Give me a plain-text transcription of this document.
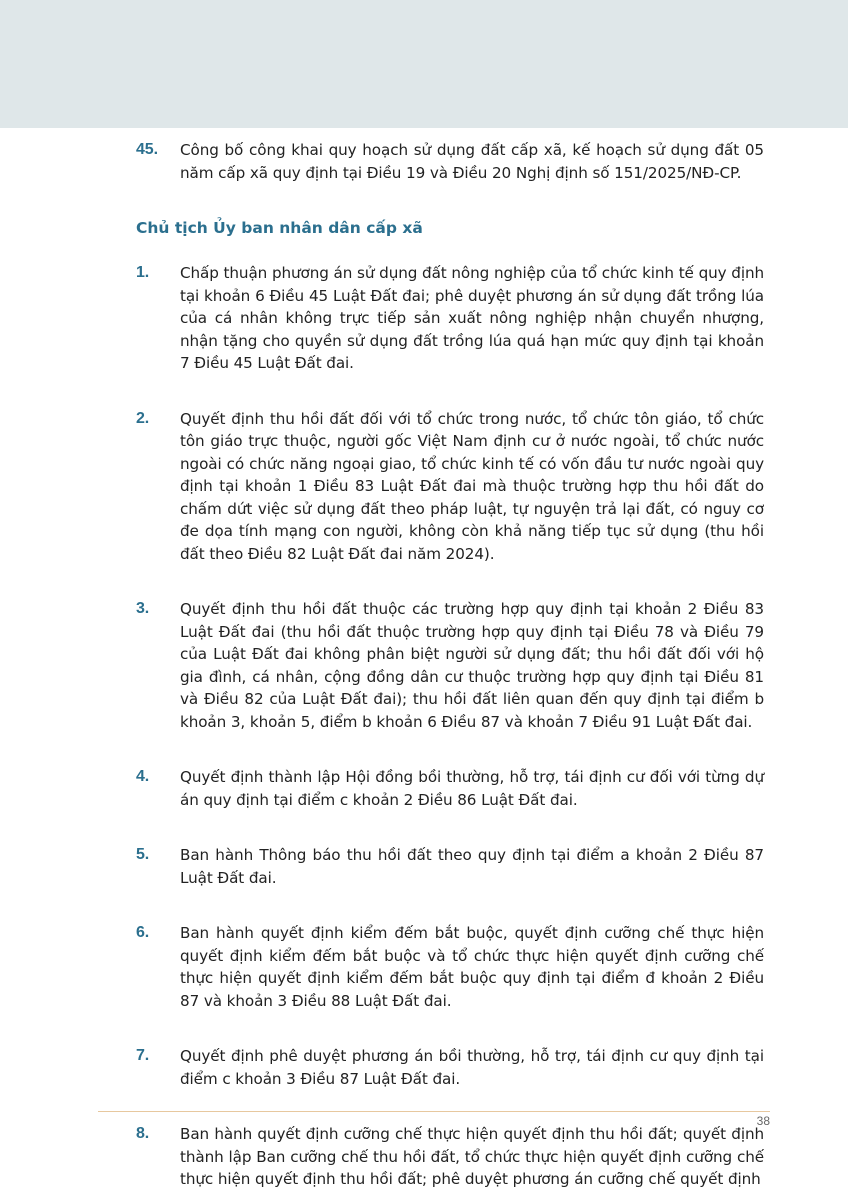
45.	Công bố công khai quy hoạch sử dụng đất cấp xã, kế hoạch sử dụng đất 05 năm cấp xã quy định tại Điều 19 và Điều 20 Nghị định số 151/2025/NĐ-CP.
Chủ tịch Ủy ban nhân dân cấp xã
1.	Chấp thuận phương án sử dụng đất nông nghiệp của tổ chức kinh tế quy định tại khoản 6 Điều 45 Luật Đất đai; phê duyệt phương án sử dụng đất trồng lúa của cá nhân không trực tiếp sản xuất nông nghiệp nhận chuyển nhượng, nhận tặng cho quyền sử dụng đất trồng lúa quá hạn mức quy định tại khoản 7 Điều 45 Luật Đất đai.
2.	Quyết định thu hồi đất đối với tổ chức trong nước, tổ chức tôn giáo, tổ chức tôn giáo trực thuộc, người gốc Việt Nam định cư ở nước ngoài, tổ chức nước ngoài có chức năng ngoại giao, tổ chức kinh tế có vốn đầu tư nước ngoài quy định tại khoản 1 Điều 83 Luật Đất đai mà thuộc trường hợp thu hồi đất do chấm dứt việc sử dụng đất theo pháp luật, tự nguyện trả lại đất, có nguy cơ đe dọa tính mạng con người, không còn khả năng tiếp tục sử dụng (thu hồi đất theo Điều 82 Luật Đất đai năm 2024).
3.	Quyết định thu hồi đất thuộc các trường hợp quy định tại khoản 2 Điều 83 Luật Đất đai (thu hồi đất thuộc trường hợp quy định tại Điều 78 và Điều 79 của Luật Đất đai không phân biệt người sử dụng đất; thu hồi đất đối với hộ gia đình, cá nhân, cộng đồng dân cư thuộc trường hợp quy định tại Điều 81 và Điều 82 của Luật Đất đai); thu hồi đất liên quan đến quy định tại điểm b khoản 3, khoản 5, điểm b khoản 6 Điều 87 và khoản 7 Điều 91 Luật Đất đai.
4.	Quyết định thành lập Hội đồng bồi thường, hỗ trợ, tái định cư đối với từng dự án quy định tại điểm c khoản 2 Điều 86 Luật Đất đai.
5.	Ban hành Thông báo thu hồi đất theo quy định tại điểm a khoản 2 Điều 87 Luật Đất đai.
6.	Ban hành quyết định kiểm đếm bắt buộc, quyết định cưỡng chế thực hiện quyết định kiểm đếm bắt buộc và tổ chức thực hiện quyết định cưỡng chế thực hiện quyết định kiểm đếm bắt buộc quy định tại điểm đ khoản 2 Điều 87 và khoản 3 Điều 88 Luật Đất đai.
7.	Quyết định phê duyệt phương án bồi thường, hỗ trợ, tái định cư quy định tại điểm c khoản 3 Điều 87 Luật Đất đai.
8.	Ban hành quyết định cưỡng chế thực hiện quyết định thu hồi đất; quyết định thành lập Ban cưỡng chế thu hồi đất, tổ chức thực hiện quyết định cưỡng chế thực hiện quyết định thu hồi đất; phê duyệt phương án cưỡng chế quyết định
38
